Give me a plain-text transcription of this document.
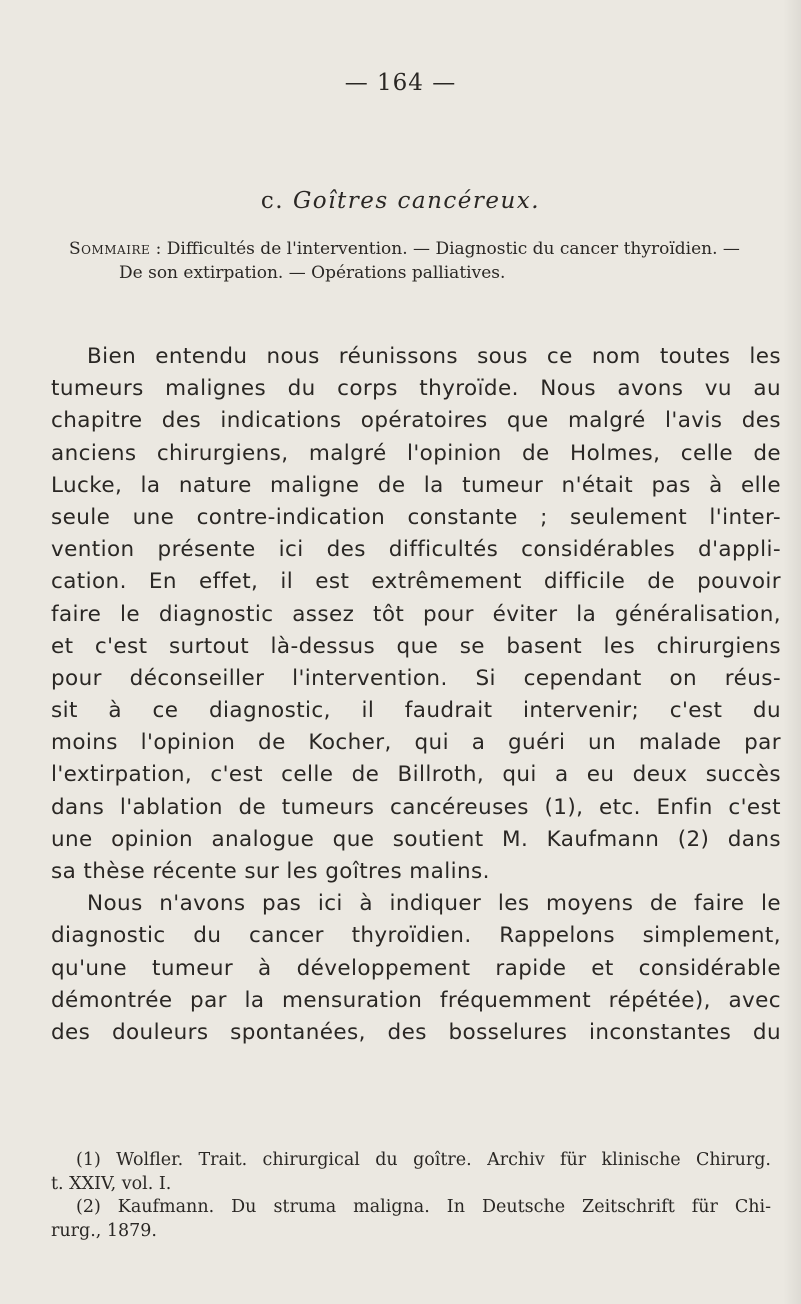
— 164 —
c. Goîtres cancéreux.
Sommaire : Difficultés de l'intervention. — Diagnostic du cancer thyroïdien. —
De son extirpation. — Opérations palliatives.
Bien entendu nous réunissons sous ce nom toutes les
tumeurs malignes du corps thyroïde. Nous avons vu au
chapitre des indications opératoires que malgré l'avis des
anciens chirurgiens, malgré l'opinion de Holmes, celle de
Lucke, la nature maligne de la tumeur n'était pas à elle
seule une contre-indication constante ; seulement l'inter-
vention présente ici des difficultés considérables d'appli-
cation. En effet, il est extrêmement difficile de pouvoir
faire le diagnostic assez tôt pour éviter la généralisation,
et c'est surtout là-dessus que se basent les chirurgiens
pour déconseiller l'intervention. Si cependant on réus-
sit à ce diagnostic, il faudrait intervenir; c'est du
moins l'opinion de Kocher, qui a guéri un malade par
l'extirpation, c'est celle de Billroth, qui a eu deux succès
dans l'ablation de tumeurs cancéreuses (1), etc. Enfin c'est
une opinion analogue que soutient M. Kaufmann (2) dans
sa thèse récente sur les goîtres malins.
Nous n'avons pas ici à indiquer les moyens de faire le
diagnostic du cancer thyroïdien. Rappelons simplement,
qu'une tumeur à développement rapide et considérable
démontrée par la mensuration fréquemment répétée), avec
des douleurs spontanées, des bosselures inconstantes du
(1) Wolfler. Trait. chirurgical du goître. Archiv für klinische Chirurg.
t. XXIV, vol. I.
(2) Kaufmann. Du struma maligna. In Deutsche Zeitschrift für Chi-
rurg., 1879.
